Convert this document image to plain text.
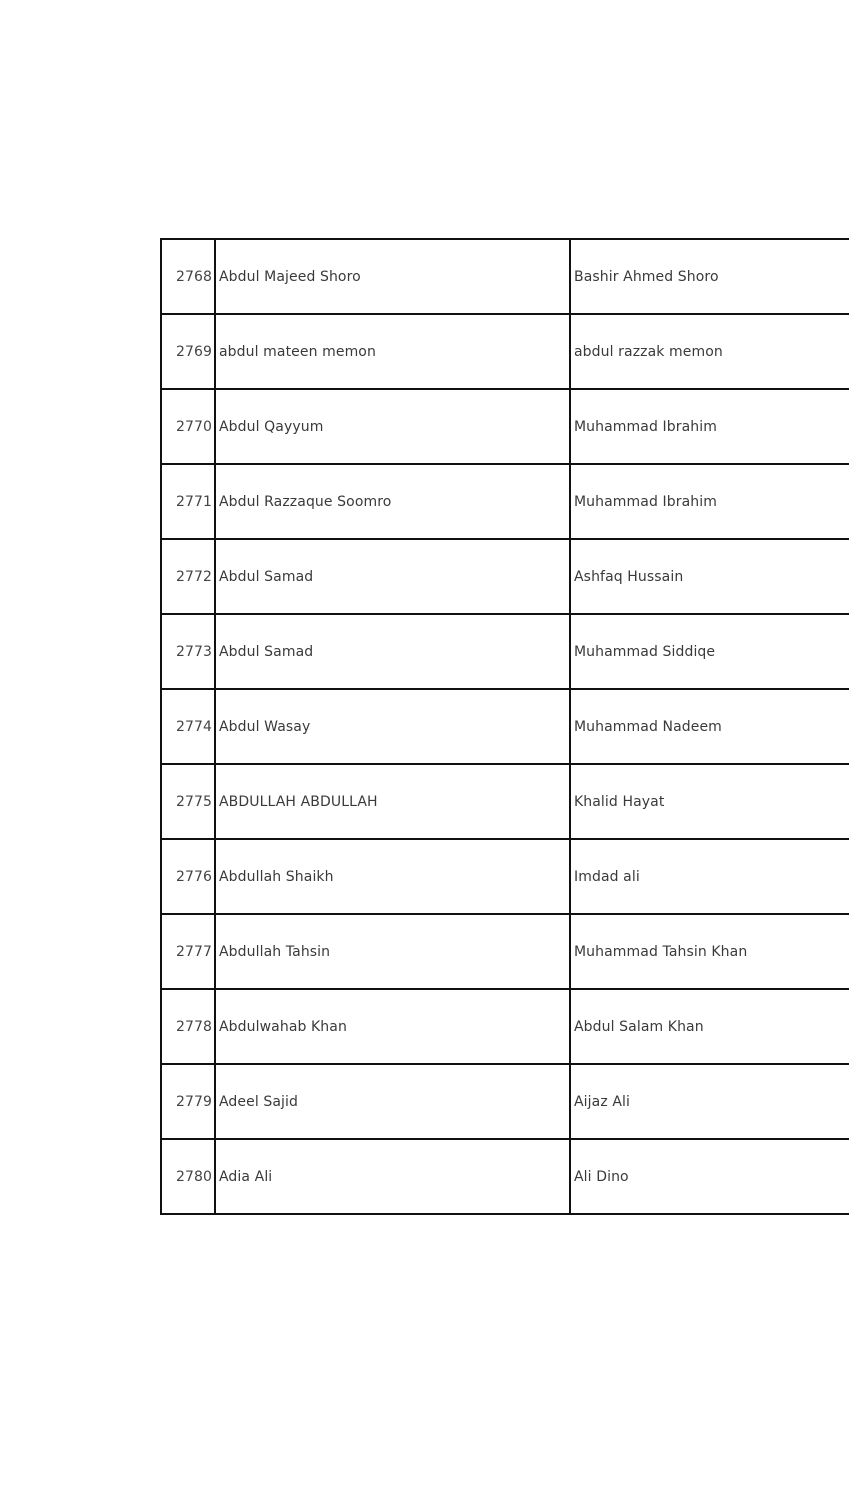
2768	Abdul Majeed Shoro	Bashir Ahmed Shoro
2769	abdul mateen memon	abdul razzak memon
2770	Abdul Qayyum	Muhammad Ibrahim
2771	Abdul Razzaque Soomro	Muhammad Ibrahim
2772	Abdul Samad	Ashfaq Hussain
2773	Abdul Samad	Muhammad Siddiqe
2774	Abdul Wasay	Muhammad Nadeem
2775	ABDULLAH ABDULLAH	Khalid Hayat
2776	Abdullah Shaikh	Imdad ali
2777	Abdullah Tahsin	Muhammad Tahsin Khan
2778	Abdulwahab Khan	Abdul Salam Khan
2779	Adeel Sajid	Aijaz Ali
2780	Adia Ali	Ali Dino
